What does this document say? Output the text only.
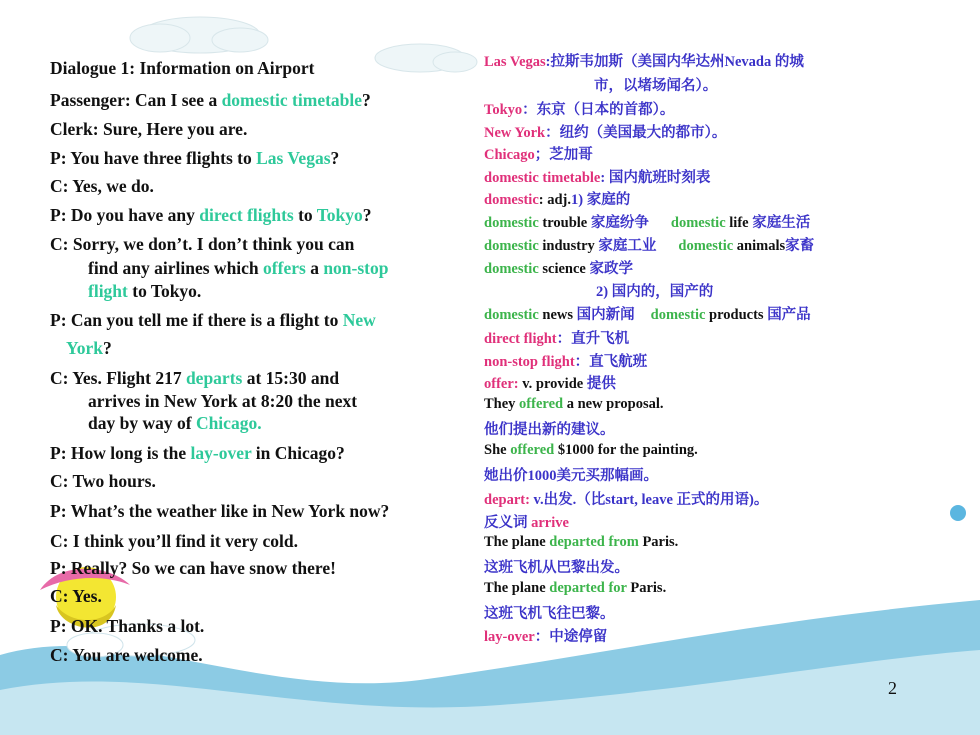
Dialogue 1: Information on Airport
Passenger: Can I see a domestic timetable?
Clerk: Sure, Here you are.
P: You have three flights to Las Vegas?
C: Yes, we do.
P: Do you have any direct flights to Tokyo?
C: Sorry, we don’t. I don’t think you can
find any airlines which offers a non-stop
flight to Tokyo.
P: Can you tell me if there is a flight to New
York?
C: Yes. Flight 217 departs at 15:30 and
arrives in New York at 8:20 the next
day by way of Chicago.
P: How long is the lay-over in Chicago?
C: Two hours.
P: What’s the weather like in New York now?
C: I think you’ll find it very cold.
P: Really? So we can have snow there!
C: Yes.
P: OK. Thanks a lot.
C: You are welcome.
Las Vegas:拉斯韦加斯（美国内华达州Nevada 的城
市，以堵场闻名）。
Tokyo：东京（日本的首都）。
New York：纽约（美国最大的都市）。
Chicago；芝加哥
domestic timetable: 国内航班时刻表
domestic: adj.1) 家庭的
domestic trouble 家庭纷争 domestic life 家庭生活
domestic industry 家庭工业 domestic animals家畜
domestic science 家政学
2) 国内的，国产的
domestic news 国内新闻 domestic products 国产品
direct flight：直升飞机
non-stop flight：直飞航班
offer: v. provide 提供
They offered a new proposal.
他们提出新的建议。
She offered $1000 for the painting.
她出价1000美元买那幅画。
depart: v.出发.（比start, leave 正式的用语)。
反义词 arrive
The plane departed from Paris.
这班飞机从巴黎出发。
The plane departed for Paris.
这班飞机飞往巴黎。
lay-over：中途停留
2
